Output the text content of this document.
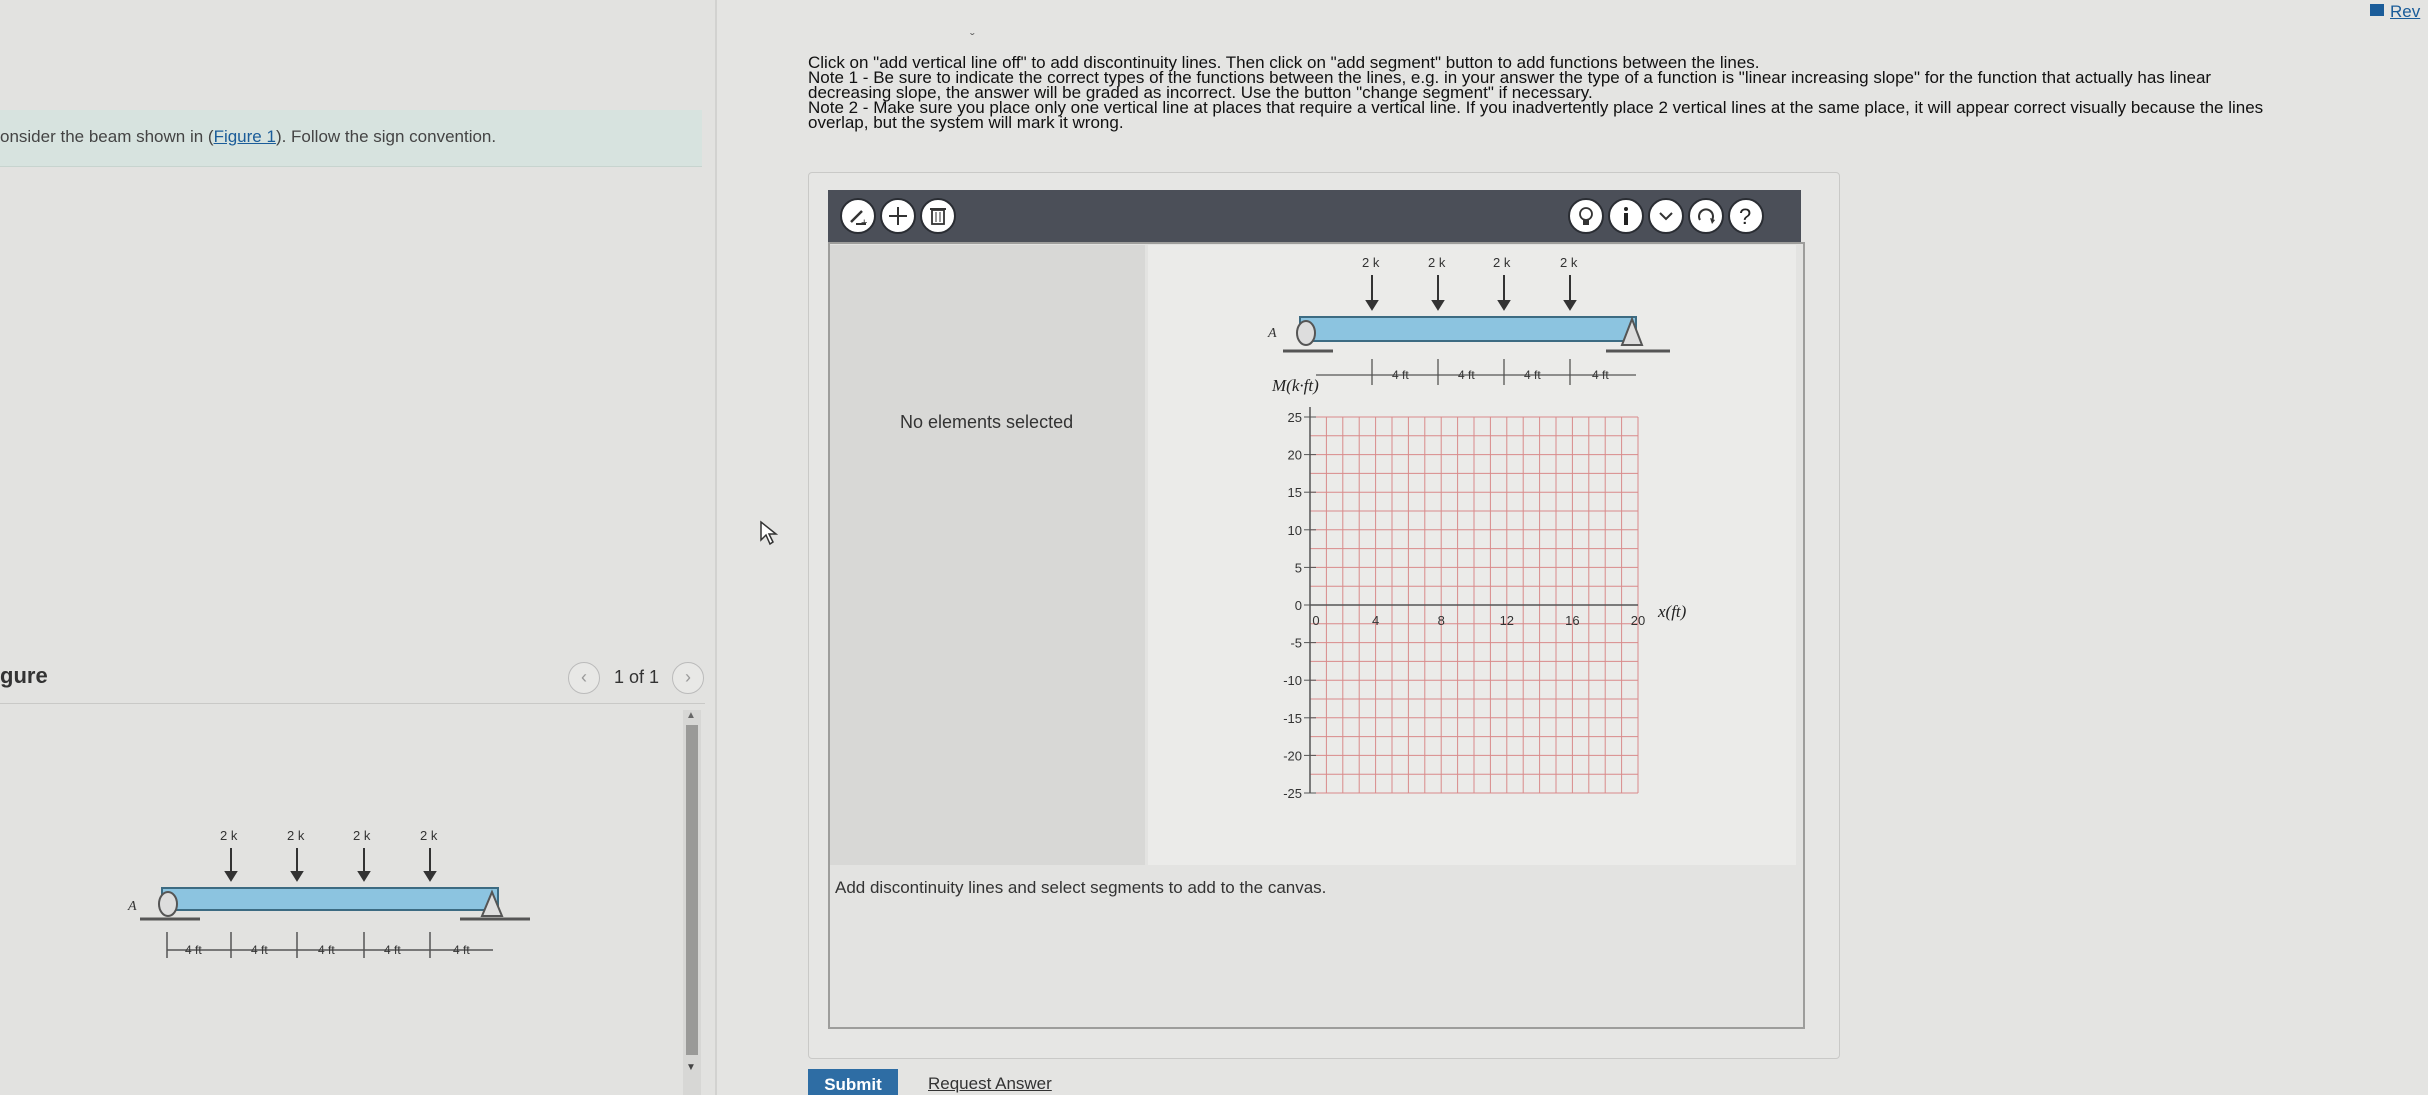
onsider the beam shown in (Figure 1). Follow the sign convention.
gure	‹	1 of 1	›
A
2 k	2 k	2 k	2 k
4 ft	4 ft	4 ft	4 ft	4 ft
▲
▼
ˇ
Rev

Click on "add vertical line off" to add discontinuity lines. Then click on "add segment" button to add functions between the lines.

Note 1 - Be sure to indicate the correct types of the functions between the lines, e.g. in your answer the type of a function is "linear increasing slope" for the function that actually has linear

decreasing slope, the answer will be graded as incorrect. Use the button "change segment" if necessary.

Note 2 - Make sure you place only one vertical line at places that require a vertical line. If you inadvertently place 2 vertical lines at the same place, it will appear correct visually because the lines

overlap, but the system will mark it wrong.

+	?
No elements selected
A
2 k	2 k	2 k	2 k
4 ft	4 ft	4 ft	4 ft
M(k·ft)
x(ft)
25
20
15
10
5
0
-5
-10
-15
-20
-25
0	4	8	12	16	20
Add discontinuity lines and select segments to add to the canvas.
Submit	Request Answer
